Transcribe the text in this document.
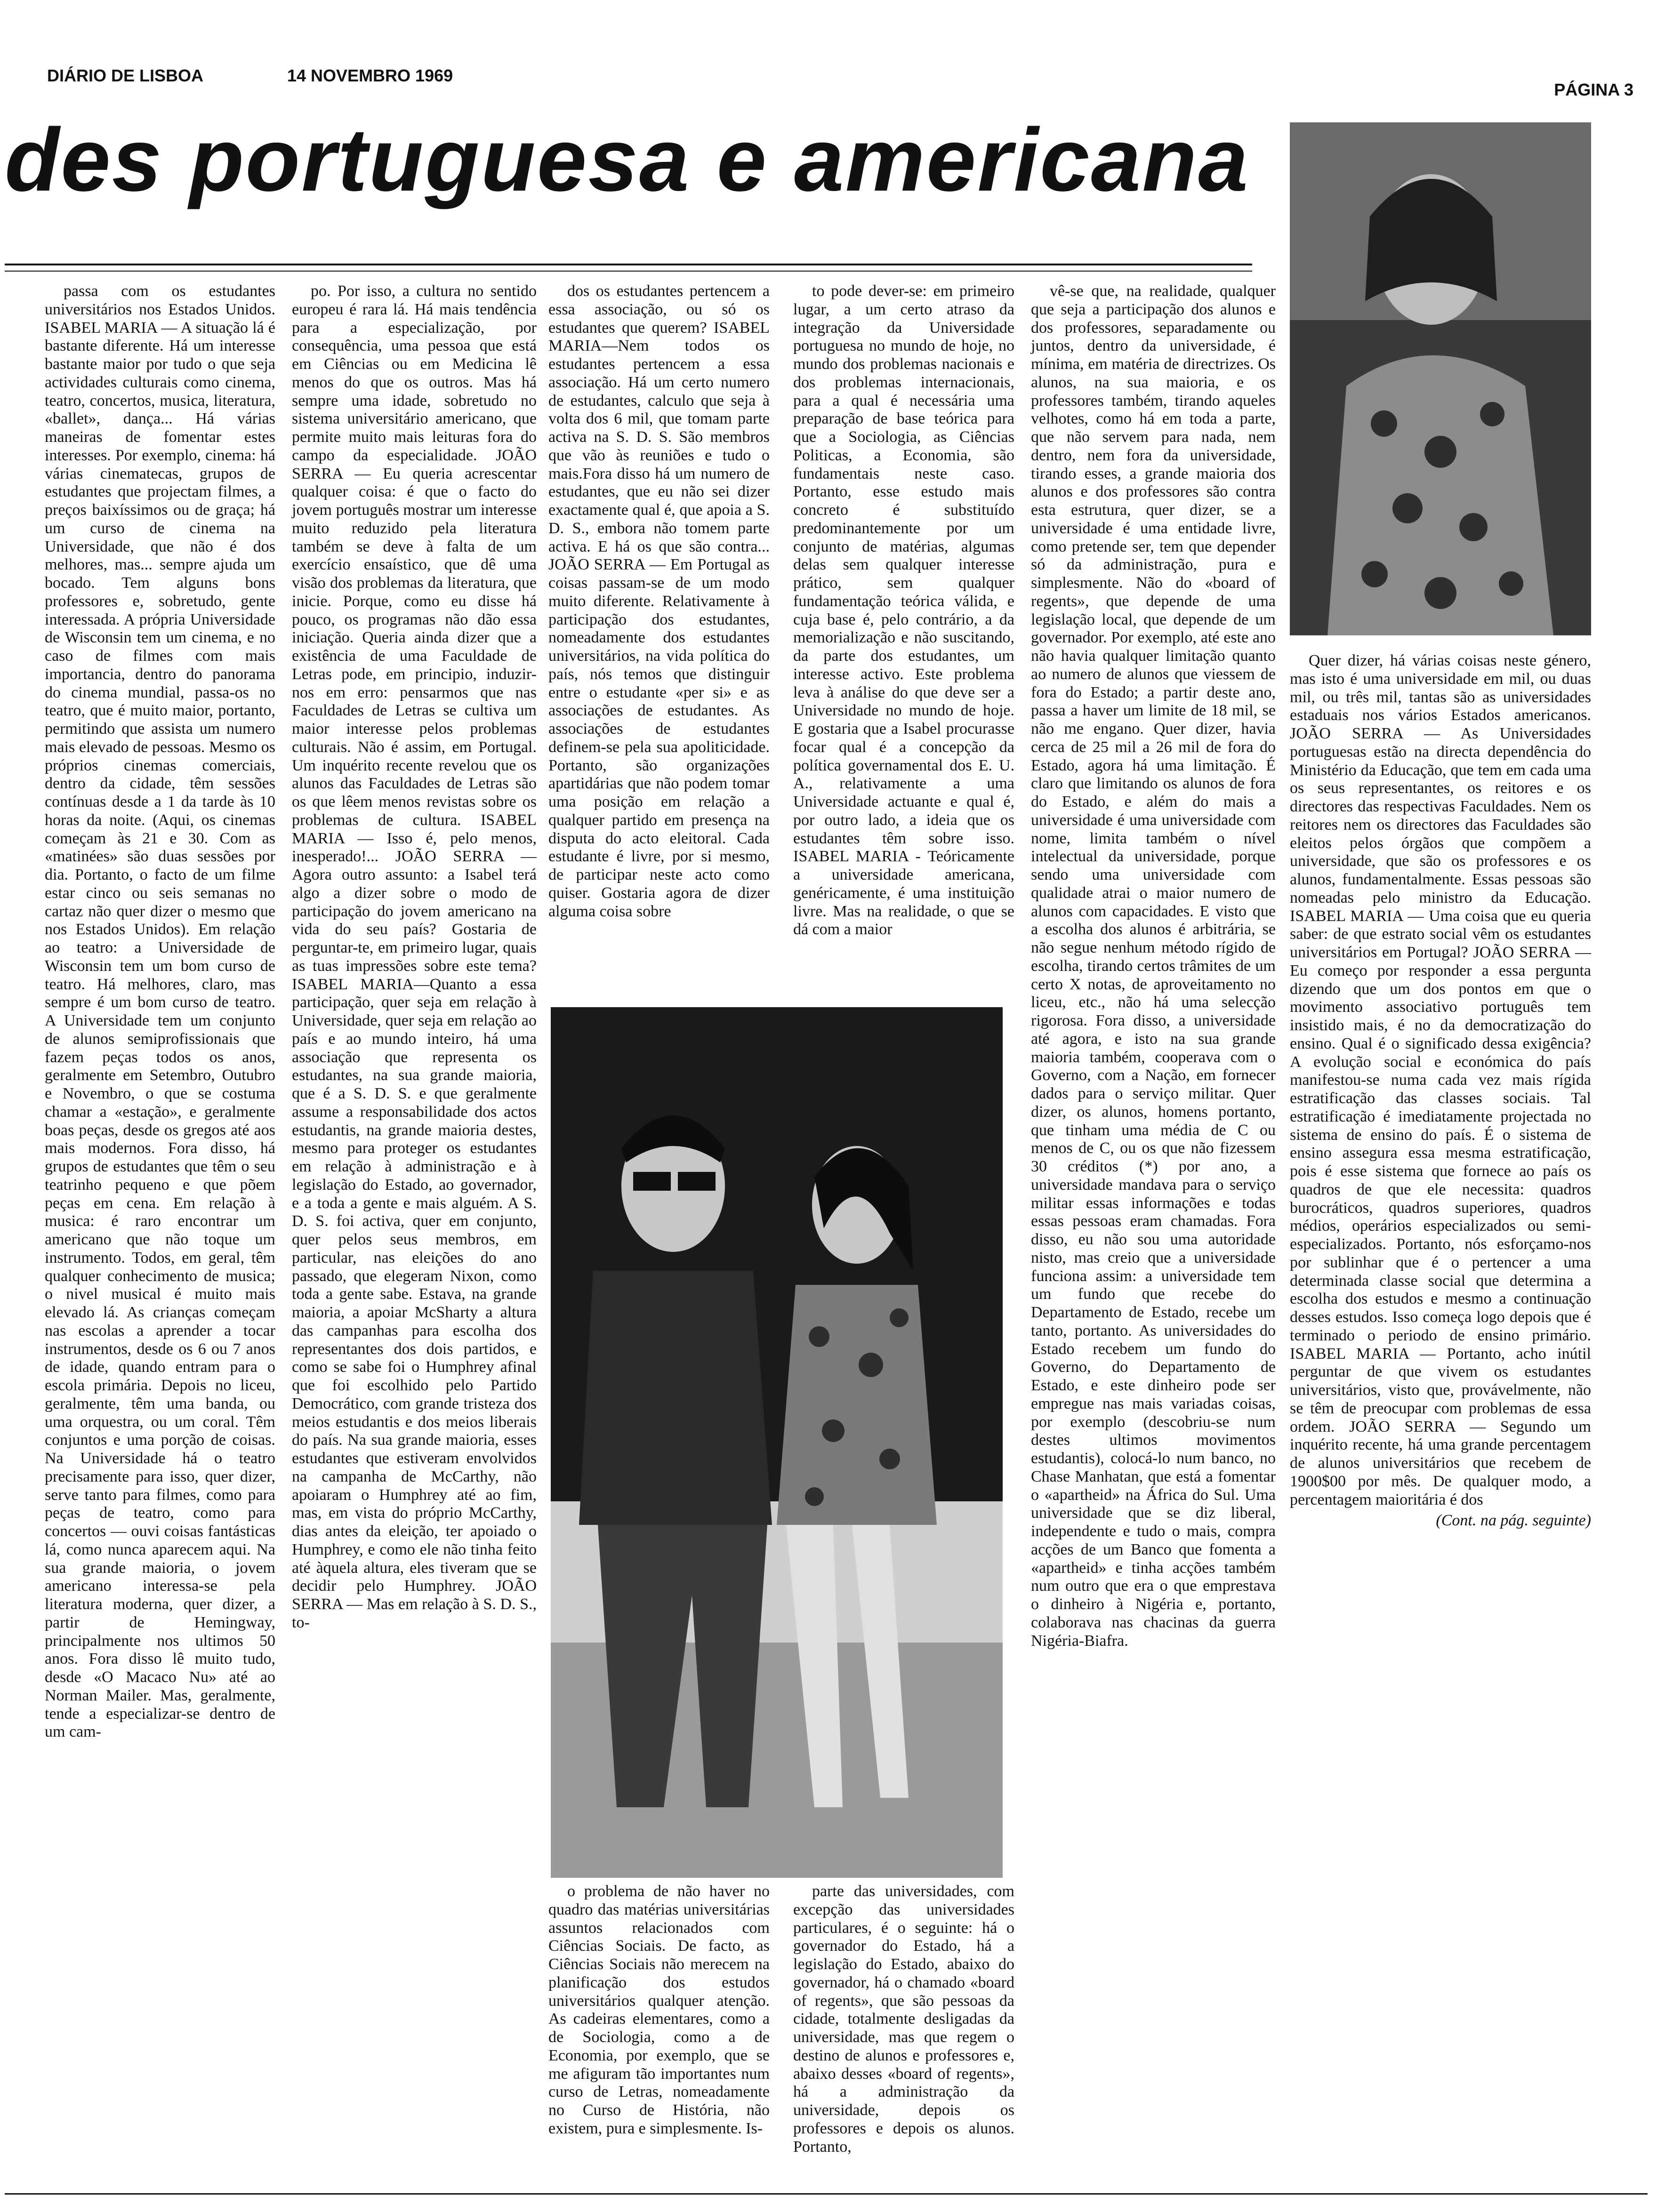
DIÁRIO DE LISBOA	14 NOVEMBRO 1969
PÁGINA 3
des portuguesa e americana

passa com os estudantes universitários nos Estados Unidos. ISABEL MARIA — A situação lá é bastante diferente. Há um interesse bastante maior por tudo o que seja actividades culturais como cinema, teatro, concertos, musica, literatura, «ballet», dança... Há várias maneiras de fomentar estes interesses. Por exemplo, cinema: há várias cinematecas, grupos de estudantes que projectam filmes, a preços baixíssimos ou de graça; há um curso de cinema na Universidade, que não é dos melhores, mas... sempre ajuda um bocado. Tem alguns bons professores e, sobretudo, gente interessada. A própria Universidade de Wisconsin tem um cinema, e no caso de filmes com mais importancia, dentro do panorama do cinema mundial, passa-os no teatro, que é muito maior, portanto, permitindo que assista um numero mais elevado de pessoas. Mesmo os próprios cinemas comerciais, dentro da cidade, têm sessões contínuas desde a 1 da tarde às 10 horas da noite. (Aqui, os cinemas começam às 21 e 30. Com as «matinées» são duas sessões por dia. Portanto, o facto de um filme estar cinco ou seis semanas no cartaz não quer dizer o mesmo que nos Estados Unidos). Em relação ao teatro: a Universidade de Wisconsin tem um bom curso de teatro. Há melhores, claro, mas sempre é um bom curso de teatro. A Universidade tem um conjunto de alunos semiprofissionais que fazem peças todos os anos, geralmente em Setembro, Outubro e Novembro, o que se costuma chamar a «estação», e geralmente boas peças, desde os gregos até aos mais modernos. Fora disso, há grupos de estudantes que têm o seu teatrinho pequeno e que põem peças em cena. Em relação à musica: é raro encontrar um americano que não toque um instrumento. Todos, em geral, têm qualquer conhecimento de musica; o nivel musical é muito mais elevado lá. As crianças começam nas escolas a aprender a tocar instrumentos, desde os 6 ou 7 anos de idade, quando entram para o escola primária. Depois no liceu, geralmente, têm uma banda, ou uma orquestra, ou um coral. Têm conjuntos e uma porção de coisas. Na Universidade há o teatro precisamente para isso, quer dizer, serve tanto para filmes, como para peças de teatro, como para concertos — ouvi coisas fantásticas lá, como nunca aparecem aqui. Na sua grande maioria, o jovem americano interessa-se pela literatura moderna, quer dizer, a partir de Hemingway, principalmente nos ultimos 50 anos. Fora disso lê muito tudo, desde «O Macaco Nu» até ao Norman Mailer. Mas, geralmente, tende a especializar-se dentro de um cam-

po. Por isso, a cultura no sentido europeu é rara lá. Há mais tendência para a especialização, por consequência, uma pessoa que está em Ciências ou em Medicina lê menos do que os outros. Mas há sempre uma idade, sobretudo no sistema universitário americano, que permite muito mais leituras fora do campo da especialidade. JOÃO SERRA — Eu queria acrescentar qualquer coisa: é que o facto do jovem português mostrar um interesse muito reduzido pela literatura também se deve à falta de um exercício ensaístico, que dê uma visão dos problemas da literatura, que inicie. Porque, como eu disse há pouco, os programas não dão essa iniciação. Queria ainda dizer que a existência de uma Faculdade de Letras pode, em principio, induzir-nos em erro: pensarmos que nas Faculdades de Letras se cultiva um maior interesse pelos problemas culturais. Não é assim, em Portugal. Um inquérito recente revelou que os alunos das Faculdades de Letras são os que lêem menos revistas sobre os problemas de cultura. ISABEL MARIA — Isso é, pelo menos, inesperado!... JOÃO SERRA — Agora outro assunto: a Isabel terá algo a dizer sobre o modo de participação do jovem americano na vida do seu país? Gostaria de perguntar-te, em primeiro lugar, quais as tuas impressões sobre este tema? ISABEL MARIA—Quanto a essa participação, quer seja em relação à Universidade, quer seja em relação ao país e ao mundo inteiro, há uma associação que representa os estudantes, na sua grande maioria, que é a S. D. S. e que geralmente assume a responsabilidade dos actos estudantis, na grande maioria destes, mesmo para proteger os estudantes em relação à administração e à legislação do Estado, ao governador, e a toda a gente e mais alguém. A S. D. S. foi activa, quer em conjunto, quer pelos seus membros, em particular, nas eleições do ano passado, que elegeram Nixon, como toda a gente sabe. Estava, na grande maioria, a apoiar McSharty a altura das campanhas para escolha dos representantes dos dois partidos, e como se sabe foi o Humphrey afinal que foi escolhido pelo Partido Democrático, com grande tristeza dos meios estudantis e dos meios liberais do país. Na sua grande maioria, esses estudantes que estiveram envolvidos na campanha de McCarthy, não apoiaram o Humphrey até ao fim, mas, em vista do próprio McCarthy, dias antes da eleição, ter apoiado o Humphrey, e como ele não tinha feito até àquela altura, eles tiveram que se decidir pelo Humphrey. JOÃO SERRA — Mas em relação à S. D. S., to-

dos os estudantes pertencem a essa associação, ou só os estudantes que querem? ISABEL MARIA—Nem todos os estudantes pertencem a essa associação. Há um certo numero de estudantes, calculo que seja à volta dos 6 mil, que tomam parte activa na S. D. S. São membros que vão às reuniões e tudo o mais.Fora disso há um numero de estudantes, que eu não sei dizer exactamente qual é, que apoia a S. D. S., embora não tomem parte activa. E há os que são contra... JOÃO SERRA — Em Portugal as coisas passam-se de um modo muito diferente. Relativamente à participação dos estudantes, nomeadamente dos estudantes universitários, na vida política do país, nós temos que distinguir entre o estudante «per si» e as associações de estudantes. As associações de estudantes definem-se pela sua apoliticidade. Portanto, são organizações apartidárias que não podem tomar uma posição em relação a qualquer partido em presença na disputa do acto eleitoral. Cada estudante é livre, por si mesmo, de participar neste acto como quiser. Gostaria agora de dizer alguma coisa sobre

to pode dever-se: em primeiro lugar, a um certo atraso da integração da Universidade portuguesa no mundo de hoje, no mundo dos problemas nacionais e dos problemas internacionais, para a qual é necessária uma preparação de base teórica para que a Sociologia, as Ciências Politicas, a Economia, são fundamentais neste caso. Portanto, esse estudo mais concreto é substituído predominantemente por um conjunto de matérias, algumas delas sem qualquer interesse prático, sem qualquer fundamentação teórica válida, e cuja base é, pelo contrário, a da memorialização e não suscitando, da parte dos estudantes, um interesse activo. Este problema leva à análise do que deve ser a Universidade no mundo de hoje. E gostaria que a Isabel procurasse focar qual é a concepção da política governamental dos E. U. A., relativamente a uma Universidade actuante e qual é, por outro lado, a ideia que os estudantes têm sobre isso. ISABEL MARIA - Teóricamente a universidade americana, genéricamente, é uma instituição livre. Mas na realidade, o que se dá com a maior

o problema de não haver no quadro das matérias universitárias assuntos relacionados com Ciências Sociais. De facto, as Ciências Sociais não merecem na planificação dos estudos universitários qualquer atenção. As cadeiras elementares, como a de Sociologia, como a de Economia, por exemplo, que se me afiguram tão importantes num curso de Letras, nomeadamente no Curso de História, não existem, pura e simplesmente. Is-

parte das universidades, com excepção das universidades particulares, é o seguinte: há o governador do Estado, há a legislação do Estado, abaixo do governador, há o chamado «board of regents», que são pessoas da cidade, totalmente desligadas da universidade, mas que regem o destino de alunos e professores e, abaixo desses «board of regents», há a administração da universidade, depois os professores e depois os alunos. Portanto,

vê-se que, na realidade, qualquer que seja a participação dos alunos e dos professores, separadamente ou juntos, dentro da universidade, é mínima, em matéria de directrizes. Os alunos, na sua maioria, e os professores também, tirando aqueles velhotes, como há em toda a parte, que não servem para nada, nem dentro, nem fora da universidade, tirando esses, a grande maioria dos alunos e dos professores são contra esta estrutura, quer dizer, se a universidade é uma entidade livre, como pretende ser, tem que depender só da administração, pura e simplesmente. Não do «board of regents», que depende de uma legislação local, que depende de um governador. Por exemplo, até este ano não havia qualquer limitação quanto ao numero de alunos que viessem de fora do Estado; a partir deste ano, passa a haver um limite de 18 mil, se não me engano. Quer dizer, havia cerca de 25 mil a 26 mil de fora do Estado, agora há uma limitação. É claro que limitando os alunos de fora do Estado, e além do mais a universidade é uma universidade com nome, limita também o nível intelectual da universidade, porque sendo uma universidade com qualidade atrai o maior numero de alunos com capacidades. E visto que a escolha dos alunos é arbitrária, se não segue nenhum método rígido de escolha, tirando certos trâmites de um certo X notas, de aproveitamento no liceu, etc., não há uma selecção rigorosa. Fora disso, a universidade até agora, e isto na sua grande maioria também, cooperava com o Governo, com a Nação, em fornecer dados para o serviço militar. Quer dizer, os alunos, homens portanto, que tinham uma média de C ou menos de C, ou os que não fizessem 30 créditos (*) por ano, a universidade mandava para o serviço militar essas informações e todas essas pessoas eram chamadas. Fora disso, eu não sou uma autoridade nisto, mas creio que a universidade funciona assim: a universidade tem um fundo que recebe do Departamento de Estado, recebe um tanto, portanto. As universidades do Estado recebem um fundo do Governo, do Departamento de Estado, e este dinheiro pode ser empregue nas mais variadas coisas, por exemplo (descobriu-se num destes ultimos movimentos estudantis), colocá-lo num banco, no Chase Manhatan, que está a fomentar o «apartheid» na África do Sul. Uma universidade que se diz liberal, independente e tudo o mais, compra acções de um Banco que fomenta a «apartheid» e tinha acções também num outro que era o que emprestava o dinheiro à Nigéria e, portanto, colaborava nas chacinas da guerra Nigéria-Biafra.

Quer dizer, há várias coisas neste género, mas isto é uma universidade em mil, ou duas mil, ou três mil, tantas são as universidades estaduais nos vários Estados americanos. JOÃO SERRA — As Universidades portuguesas estão na directa dependência do Ministério da Educação, que tem em cada uma os seus representantes, os reitores e os directores das respectivas Faculdades. Nem os reitores nem os directores das Faculdades são eleitos pelos órgãos que compõem a universidade, que são os professores e os alunos, fundamentalmente. Essas pessoas são nomeadas pelo ministro da Educação. ISABEL MARIA — Uma coisa que eu queria saber: de que estrato social vêm os estudantes universitários em Portugal? JOÃO SERRA — Eu começo por responder a essa pergunta dizendo que um dos pontos em que o movimento associativo português tem insistido mais, é no da democratização do ensino. Qual é o significado dessa exigência? A evolução social e económica do país manifestou-se numa cada vez mais rígida estratificação das classes sociais. Tal estratificação é imediatamente projectada no sistema de ensino do país. É o sistema de ensino assegura essa mesma estratificação, pois é esse sistema que fornece ao país os quadros de que ele necessita: quadros burocráticos, quadros superiores, quadros médios, operários especializados ou semi-especializados. Portanto, nós esforçamo-nos por sublinhar que é o pertencer a uma determinada classe social que determina a escolha dos estudos e mesmo a continuação desses estudos. Isso começa logo depois que é terminado o periodo de ensino primário. ISABEL MARIA — Portanto, acho inútil perguntar de que vivem os estudantes universitários, visto que, provávelmente, não se têm de preocupar com problemas de essa ordem. JOÃO SERRA — Segundo um inquérito recente, há uma grande percentagem de alunos universitários que recebem de 1900$00 por mês. De qualquer modo, a percentagem maioritária é dos

(Cont. na pág. seguinte)
